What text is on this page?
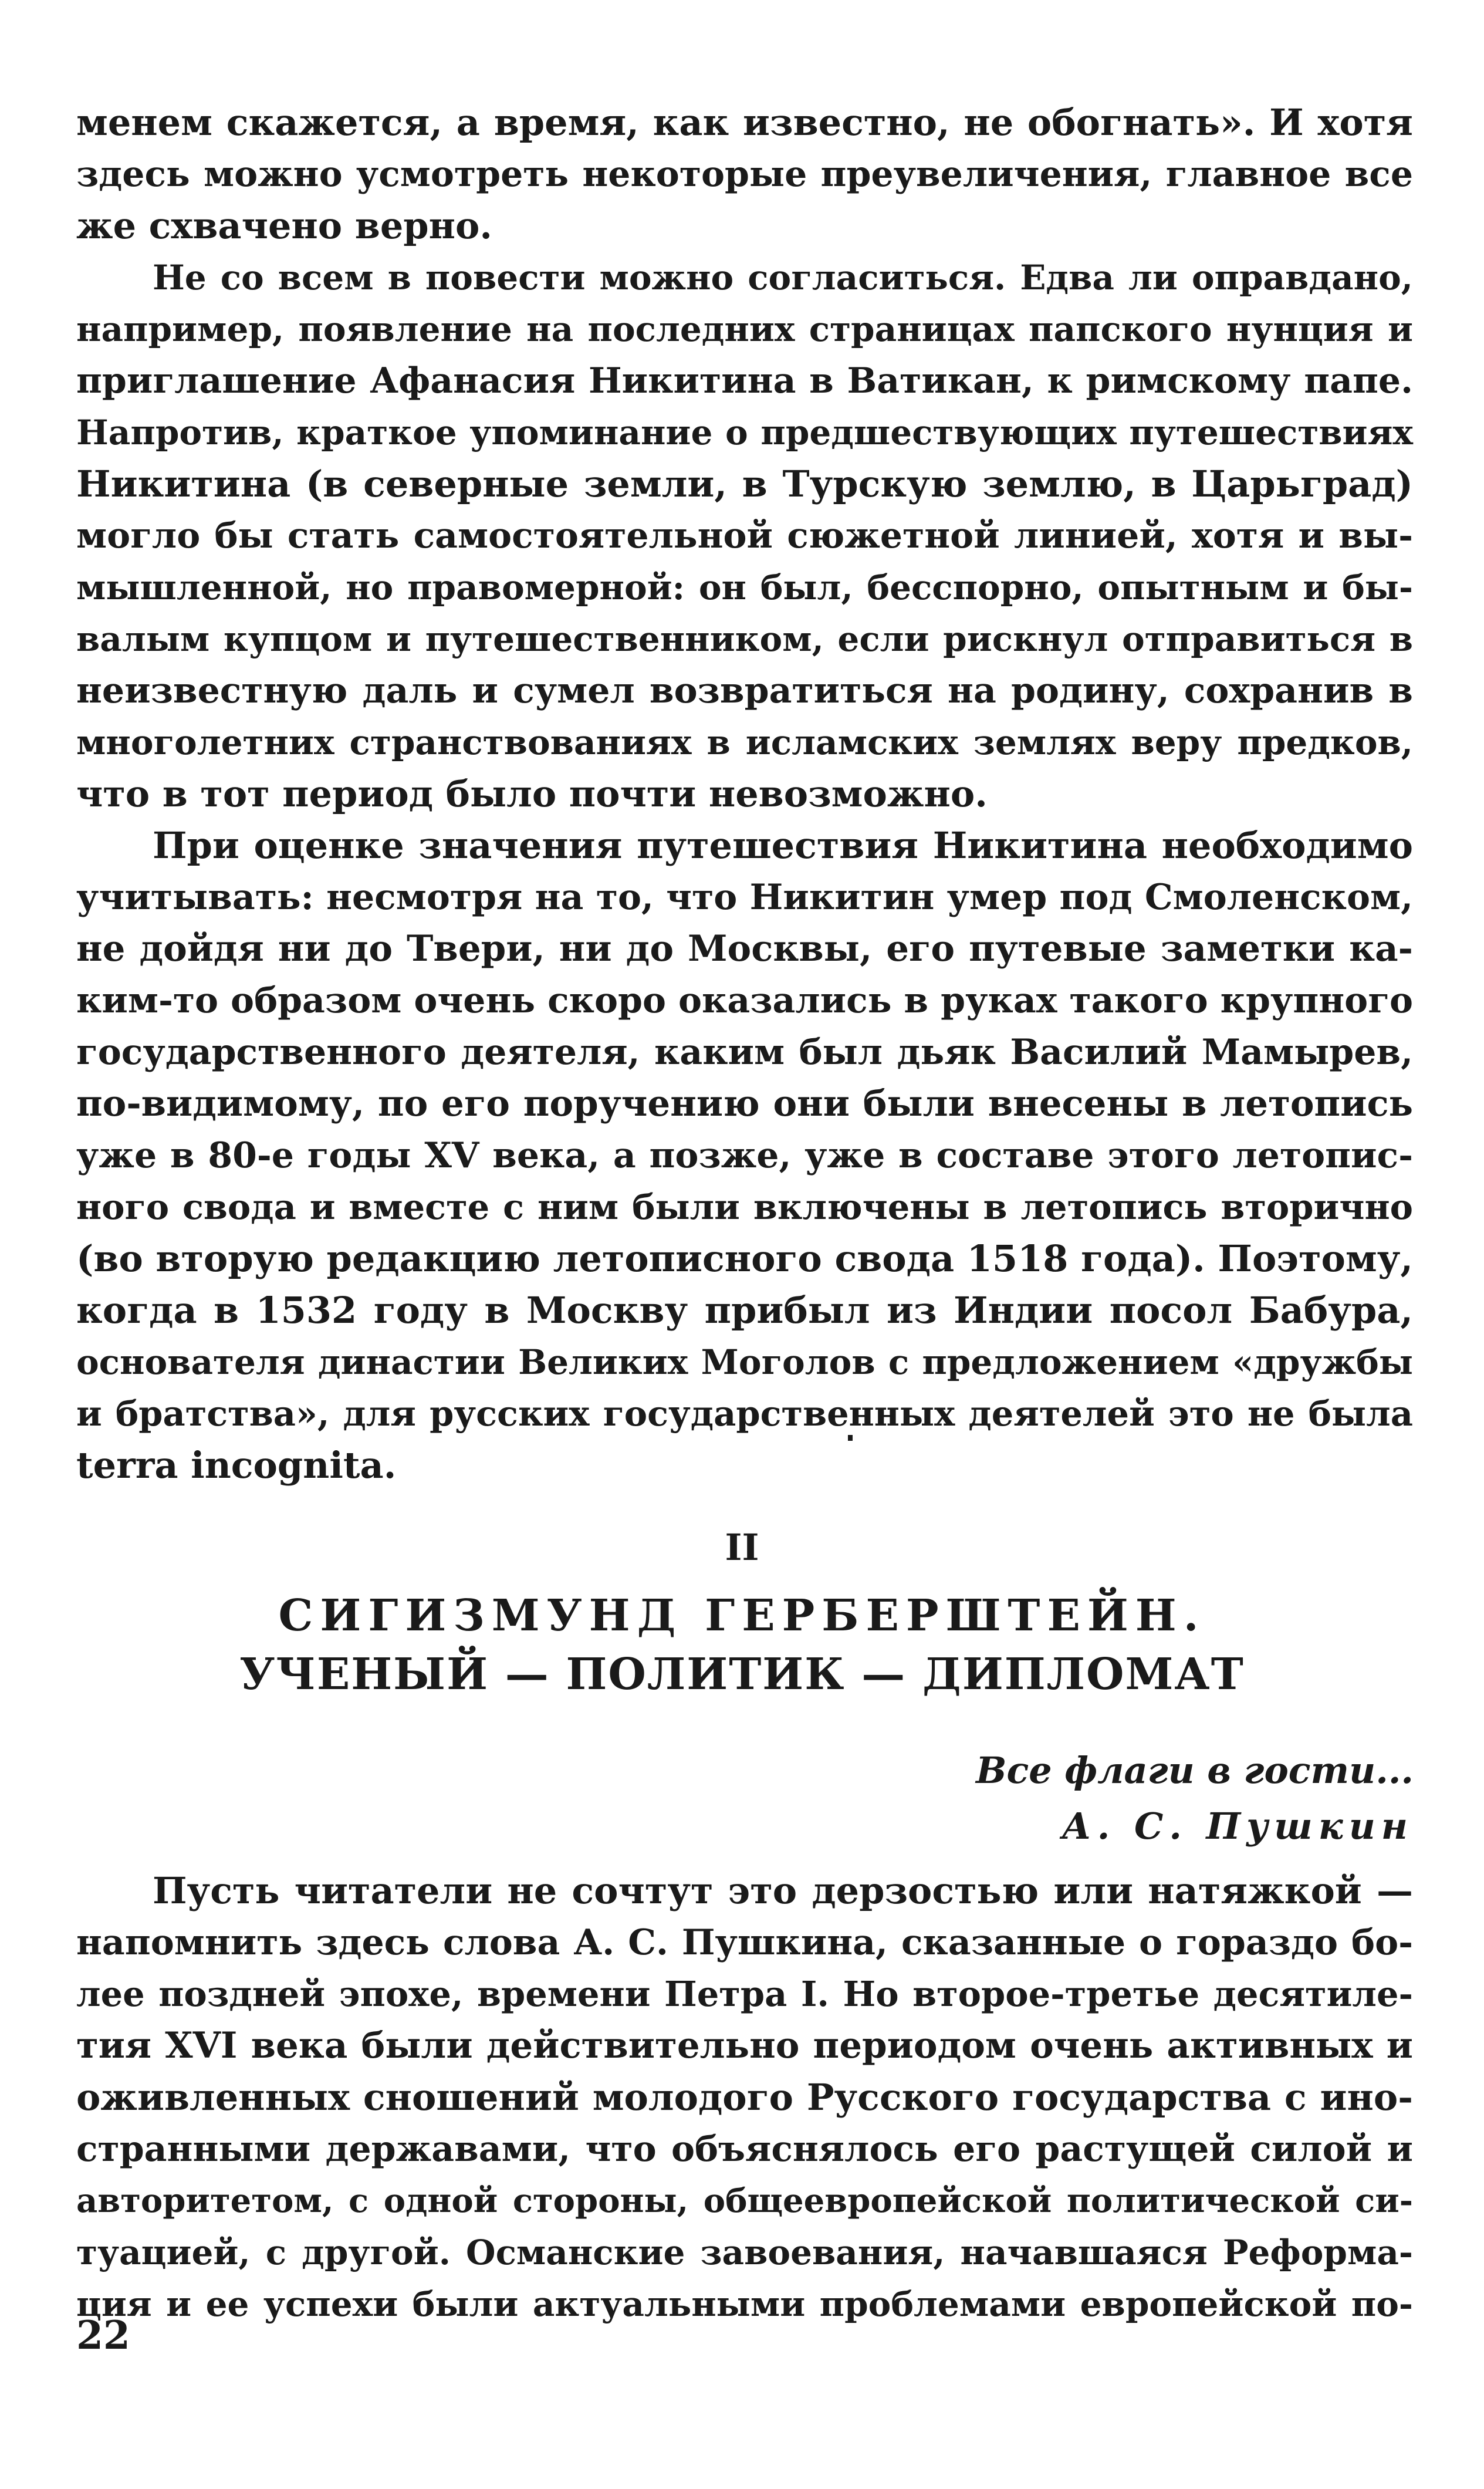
менем скажется, а время, как известно, не обогнать». И хотя
здесь можно усмотреть некоторые преувеличения, главное все
же схвачено верно.
Не со всем в повести можно согласиться. Едва ли оправдано,
например, появление на последних страницах папского нунция и
приглашение Афанасия Никитина в Ватикан, к римскому папе.
Напротив, краткое упоминание о предшествующих путешествиях
Никитина (в северные земли, в Турскую землю, в Царьград)
могло бы стать самостоятельной сюжетной линией, хотя и вы-
мышленной, но правомерной: он был, бесспорно, опытным и бы-
валым купцом и путешественником, если рискнул отправиться в
неизвестную даль и сумел возвратиться на родину, сохранив в
многолетних странствованиях в исламских землях веру предков,
что в тот период было почти невозможно.
При оценке значения путешествия Никитина необходимо
учитывать: несмотря на то, что Никитин умер под Смоленском,
не дойдя ни до Твери, ни до Москвы, его путевые заметки ка-
ким-то образом очень скоро оказались в руках такого крупного
государственного деятеля, каким был дьяк Василий Мамырев,
по-видимому, по его поручению они были внесены в летопись
уже в 80-е годы XV века, а позже, уже в составе этого летопис-
ного свода и вместе с ним были включены в летопись вторично
(во вторую редакцию летописного свода 1518 года). Поэтому,
когда в 1532 году в Москву прибыл из Индии посол Бабура,
основателя династии Великих Моголов с предложением «дружбы
и братства», для русских государственных деятелей это не была
terra incognita.
II
СИГИЗМУНД ГЕРБЕРШТЕЙН.
УЧЕНЫЙ — ПОЛИТИК — ДИПЛОМАТ
Все флаги в гости...
А. С. Пушкин
Пусть читатели не сочтут это дерзостью или натяжкой —
напомнить здесь слова А. С. Пушкина, сказанные о гораздо бо-
лее поздней эпохе, времени Петра I. Но второе-третье десятиле-
тия XVI века были действительно периодом очень активных и
оживленных сношений молодого Русского государства с ино-
странными державами, что объяснялось его растущей силой и
авторитетом, с одной стороны, общеевропейской политической си-
туацией, с другой. Османские завоевания, начавшаяся Реформа-
ция и ее успехи были актуальными проблемами европейской по-
22
